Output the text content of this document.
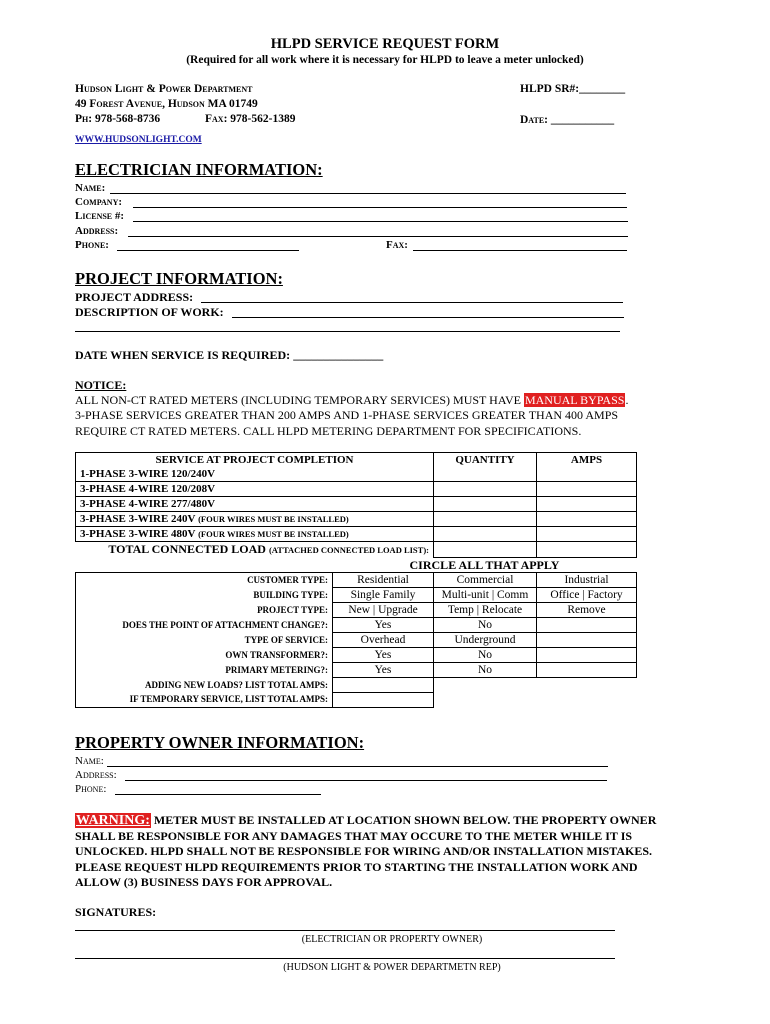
HLPD SERVICE REQUEST FORM
(Required for all work where it is necessary for HLPD to leave a meter unlocked)
Hudson Light & Power Department
49 Forest Avenue, Hudson MA 01749
Ph: 978-568-8736	Fax: 978-562-1389
WWW.HUDSONLIGHT.COM
HLPD SR#:________
Date: ___________
ELECTRICIAN INFORMATION:
Name:
Company:
License #:
Address:
Phone:	Fax:
PROJECT INFORMATION:
PROJECT ADDRESS:
DESCRIPTION OF WORK:
DATE WHEN SERVICE IS REQUIRED: _______________
NOTICE:
ALL NON-CT RATED METERS (INCLUDING TEMPORARY SERVICES) MUST HAVE MANUAL BYPASS.
3-PHASE SERVICES GREATER THAN 200 AMPS AND 1-PHASE SERVICES GREATER THAN 400 AMPS
REQUIRE CT RATED METERS. CALL HLPD METERING DEPARTMENT FOR SPECIFICATIONS.
SERVICE AT PROJECT COMPLETION		QUANTITY	AMPS
1-PHASE 3-WIRE 120/240V			
3-PHASE 4-WIRE 120/208V			
3-PHASE 4-WIRE 277/480V			
3-PHASE 3-WIRE 240V (FOUR WIRES MUST BE INSTALLED)			
3-PHASE 3-WIRE 480V (FOUR WIRES MUST BE INSTALLED)			
TOTAL CONNECTED LOAD (ATTACHED CONNECTED LOAD LIST):			
	CIRCLE ALL THAT APPLY		
CUSTOMER TYPE:	Residential	Commercial	Industrial
BUILDING TYPE:	Single Family	Multi-unit | Comm	Office | Factory
PROJECT TYPE:	New | Upgrade	Temp | Relocate	Remove
DOES THE POINT OF ATTACHMENT CHANGE?:	Yes	No	
TYPE OF SERVICE:	Overhead	Underground	
OWN TRANSFORMER?:	Yes	No	
PRIMARY METERING?:	Yes	No	
ADDING NEW LOADS? LIST TOTAL AMPS:			
IF TEMPORARY SERVICE, LIST TOTAL AMPS:			
PROPERTY OWNER INFORMATION:
Name:
Address:
Phone:
WARNING: METER MUST BE INSTALLED AT LOCATION SHOWN BELOW. THE PROPERTY OWNER
SHALL BE RESPONSIBLE FOR ANY DAMAGES THAT MAY OCCURE TO THE METER WHILE IT IS
UNLOCKED. HLPD SHALL NOT BE RESPONSIBLE FOR WIRING AND/OR INSTALLATION MISTAKES.
PLEASE REQUEST HLPD REQUIREMENTS PRIOR TO STARTING THE INSTALLATION WORK AND
ALLOW (3) BUSINESS DAYS FOR APPROVAL.
SIGNATURES:
(ELECTRICIAN OR PROPERTY OWNER)
(HUDSON LIGHT & POWER DEPARTMETN REP)
